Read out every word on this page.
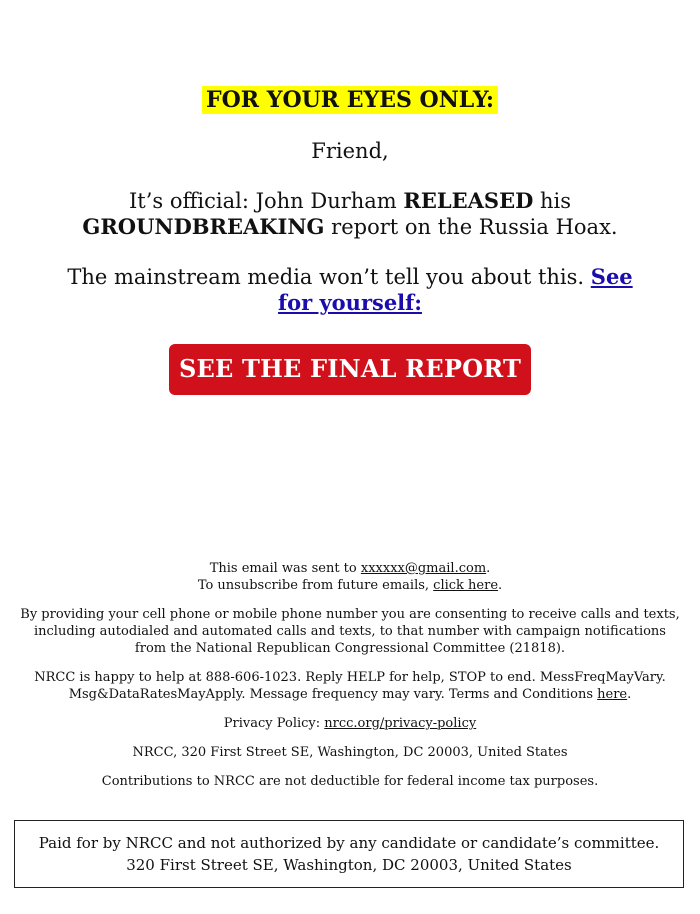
FOR YOUR EYES ONLY:
Friend,
It’s official: John Durham RELEASED his GROUNDBREAKING report on the Russia Hoax.
The mainstream media won’t tell you about this. See for yourself:
SEE THE FINAL REPORT

This email was sent to xxxxxx@gmail.com.
To unsubscribe from future emails, click here.

By providing your cell phone or mobile phone number you are consenting to receive calls and texts, including autodialed and automated calls and texts, to that number with campaign notifications from the National Republican Congressional Committee (21818).

NRCC is happy to help at 888-606-1023. Reply HELP for help, STOP to end. MessFreqMayVary. Msg&DataRatesMayApply. Message frequency may vary. Terms and Conditions here.

Privacy Policy: nrcc.org/privacy-policy

NRCC, 320 First Street SE, Washington, DC 20003, United States

Contributions to NRCC are not deductible for federal income tax purposes.

Paid for by NRCC and not authorized by any candidate or candidate’s committee. 320 First Street SE, Washington, DC 20003, United States
